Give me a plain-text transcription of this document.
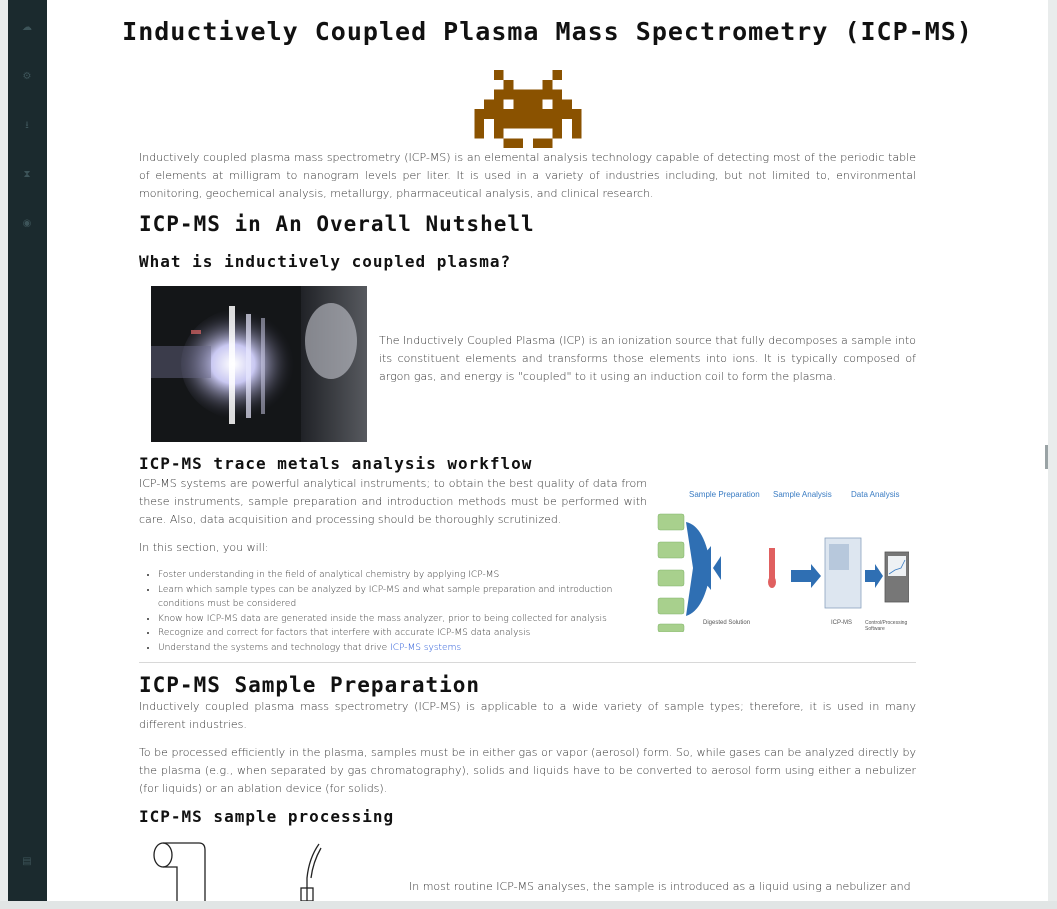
☁
⚙
⭳
⧗
◉
▤
Inductively Coupled Plasma Mass Spectrometry (ICP-MS)

Inductively coupled plasma mass spectrometry (ICP-MS) is an elemental analysis technology capable of detecting most of the periodic table of elements at milligram to nanogram levels per liter. It is used in a variety of industries including, but not limited to, environmental monitoring, geochemical analysis, metallurgy, pharmaceutical analysis, and clinical research.

ICP-MS in An Overall Nutshell
What is inductively coupled plasma?

The Inductively Coupled Plasma (ICP) is an ionization source that fully decomposes a sample into its constituent elements and transforms those elements into ions. It is typically composed of argon gas, and energy is "coupled" to it using an induction coil to form the plasma.

ICP-MS trace metals analysis workflow

ICP-MS systems are powerful analytical instruments; to obtain the best quality of data from these instruments, sample preparation and introduction methods must be performed with care. Also, data acquisition and processing should be thoroughly scrutinized.

In this section, you will:

• Foster understanding in the field of analytical chemistry by applying ICP-MS
• Learn which sample types can be analyzed by ICP-MS and what sample preparation and introduction conditions must be considered
• Know how ICP-MS data are generated inside the mass analyzer, prior to being collected for analysis
• Recognize and correct for factors that interfere with accurate ICP-MS data analysis
• Understand the systems and technology that drive ICP-MS systems
Sample Preparation Sample Analysis Data Analysis
Digested Solution	ICP-MS	Control/Processing Software
ICP-MS Sample Preparation

Inductively coupled plasma mass spectrometry (ICP-MS) is applicable to a wide variety of sample types; therefore, it is used in many different industries.

To be processed efficiently in the plasma, samples must be in either gas or vapor (aerosol) form. So, while gases can be analyzed directly by the plasma (e.g., when separated by gas chromatography), solids and liquids have to be converted to aerosol form using either a nebulizer (for liquids) or an ablation device (for solids).

ICP-MS sample processing

In most routine ICP-MS analyses, the sample is introduced as a liquid using a nebulizer and
